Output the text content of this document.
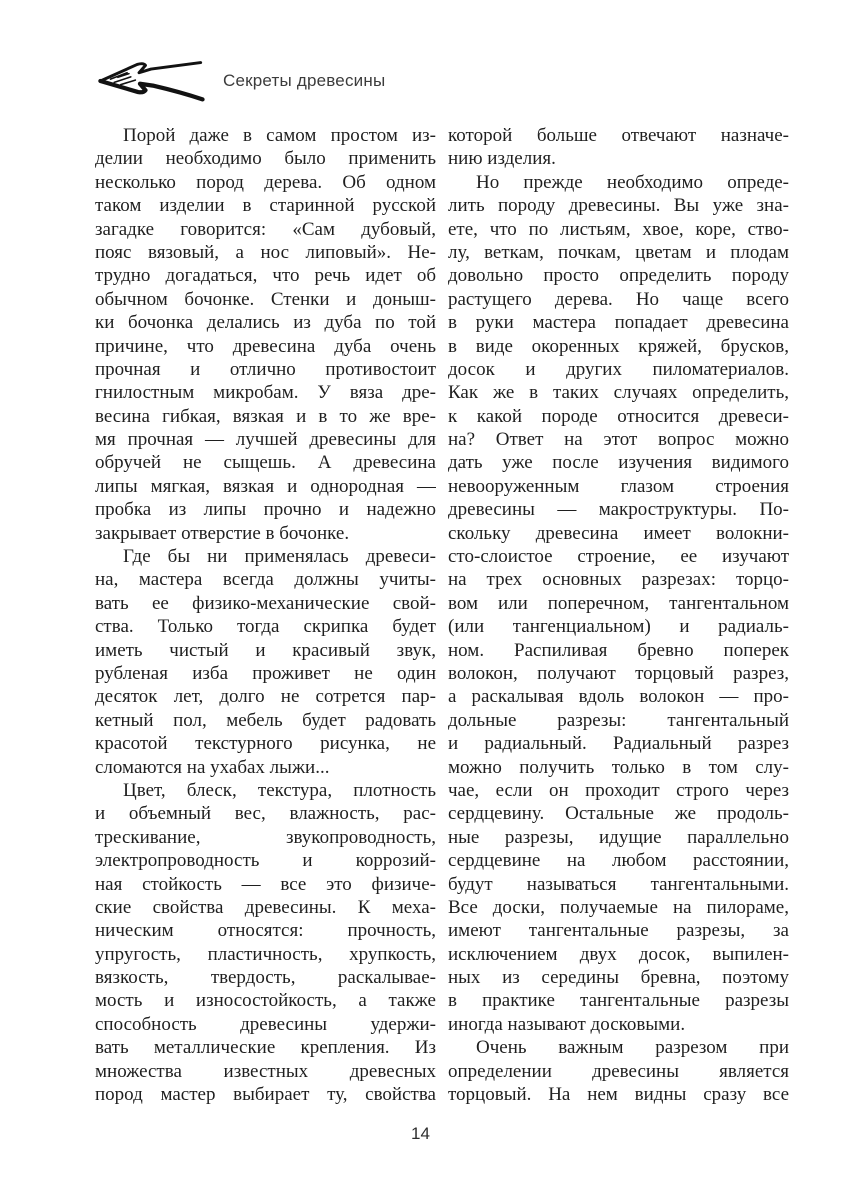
Секреты древесины
Порой даже в самом простом из-
делии необходимо было применить
несколько пород дерева. Об одном
таком изделии в старинной русской
загадке говорится: «Сам дубовый,
пояс вязовый, а нос липовый». Не-
трудно догадаться, что речь идет об
обычном бочонке. Стенки и доныш-
ки бочонка делались из дуба по той
причине, что древесина дуба очень
прочная и отлично противостоит
гнилостным микробам. У вяза дре-
весина гибкая, вязкая и в то же вре-
мя прочная — лучшей древесины для
обручей не сыщешь. А древесина
липы мягкая, вязкая и однородная —
пробка из липы прочно и надежно
закрывает отверстие в бочонке.
Где бы ни применялась древеси-
на, мастера всегда должны учиты-
вать ее физико-механические свой-
ства. Только тогда скрипка будет
иметь чистый и красивый звук,
рубленая изба проживет не один
десяток лет, долго не сотрется пар-
кетный пол, мебель будет радовать
красотой текстурного рисунка, не
сломаются на ухабах лыжи...
Цвет, блеск, текстура, плотность
и объемный вес, влажность, рас-
трескивание, звукопроводность,
электропроводность и коррозий-
ная стойкость — все это физиче-
ские свойства древесины. К меха-
ническим относятся: прочность,
упругость, пластичность, хрупкость,
вязкость, твердость, раскалывае-
мость и износостойкость, а также
способность древесины удержи-
вать металлические крепления. Из
множества известных древесных
пород мастер выбирает ту, свойства
которой больше отвечают назначе-
нию изделия.
Но прежде необходимо опреде-
лить породу древесины. Вы уже зна-
ете, что по листьям, хвое, коре, ство-
лу, веткам, почкам, цветам и плодам
довольно просто определить породу
растущего дерева. Но чаще всего
в руки мастера попадает древесина
в виде окоренных кряжей, брусков,
досок и других пиломатериалов.
Как же в таких случаях определить,
к какой породе относится древеси-
на? Ответ на этот вопрос можно
дать уже после изучения видимого
невооруженным глазом строения
древесины — макроструктуры. По-
скольку древесина имеет волокни-
сто-слоистое строение, ее изучают
на трех основных разрезах: торцо-
вом или поперечном, тангентальном
(или тангенциальном) и радиаль-
ном. Распиливая бревно поперек
волокон, получают торцовый разрез,
а раскалывая вдоль волокон — про-
дольные разрезы: тангентальный
и радиальный. Радиальный разрез
можно получить только в том слу-
чае, если он проходит строго через
сердцевину. Остальные же продоль-
ные разрезы, идущие параллельно
сердцевине на любом расстоянии,
будут называться тангентальными.
Все доски, получаемые на пилораме,
имеют тангентальные разрезы, за
исключением двух досок, выпилен-
ных из середины бревна, поэтому
в практике тангентальные разрезы
иногда называют досковыми.
Очень важным разрезом при
определении древесины является
торцовый. На нем видны сразу все
14
